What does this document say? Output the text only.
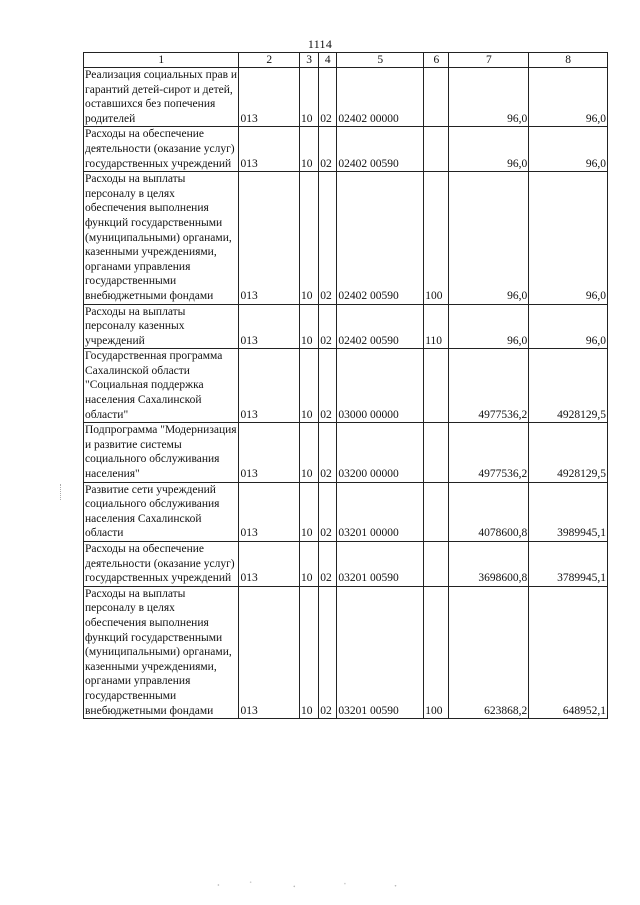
1114
1	2	3	4	5	6	7	8
Реализация социальных прав и гарантий детей-сирот и детей, оставшихся без попечения родителей	013	10	02	02402 00000		96,0	96,0
Расходы на обеспечение деятельности (оказание услуг) государственных учреждений	013	10	02	02402 00590		96,0	96,0
Расходы на выплаты персоналу в целях обеспечения выполнения функций государственными (муниципальными) органами, казенными учреждениями, органами управления государственными внебюджетными фондами	013	10	02	02402 00590	100	96,0	96,0
Расходы на выплаты персоналу казенных учреждений	013	10	02	02402 00590	110	96,0	96,0
Государственная программа Сахалинской области "Социальная поддержка населения Сахалинской области"	013	10	02	03000 00000		4977536,2	4928129,5
Подпрограмма "Модернизация и развитие системы социального обслуживания населения"	013	10	02	03200 00000		4977536,2	4928129,5
Развитие сети учреждений социального обслуживания населения Сахалинской области	013	10	02	03201 00000		4078600,8	3989945,1
Расходы на обеспечение деятельности (оказание услуг) государственных учреждений	013	10	02	03201 00590		3698600,8	3789945,1
Расходы на выплаты персоналу в целях обеспечения выполнения функций государственными (муниципальными) органами, казенными учреждениями, органами управления государственными внебюджетными фондами	013	10	02	03201 00590	100	623868,2	648952,1
